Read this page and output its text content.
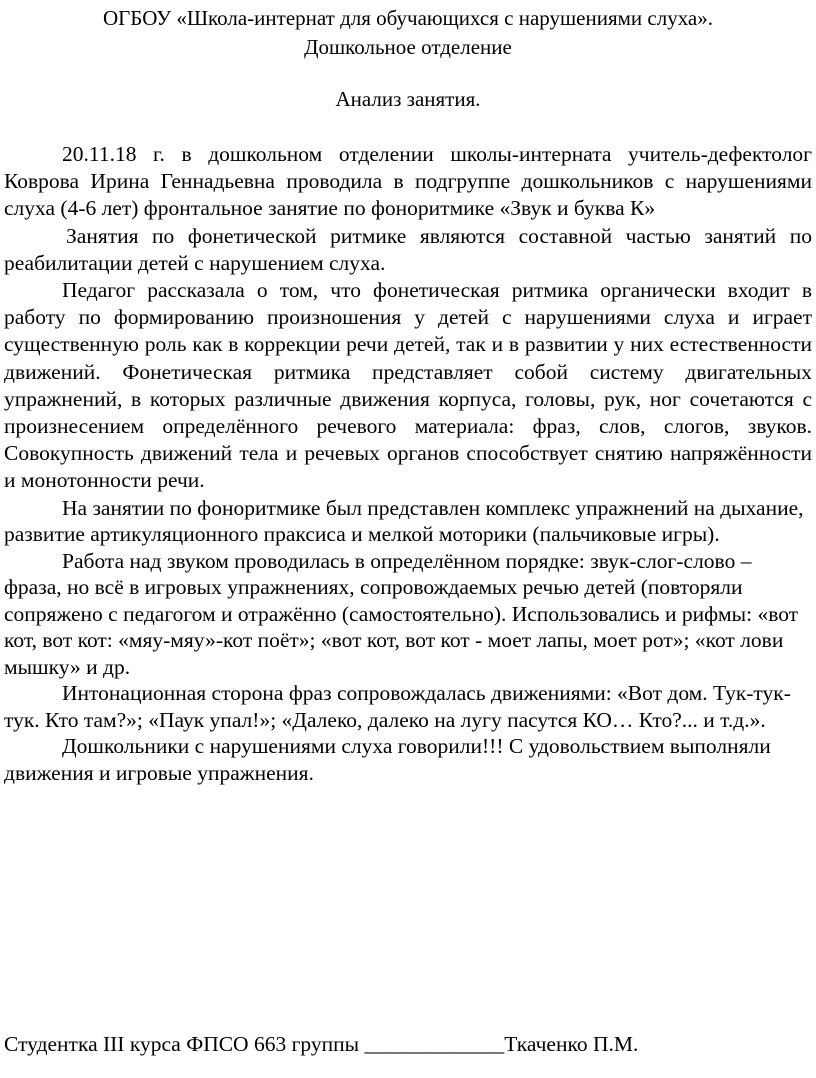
ОГБОУ «Школа-интернат для обучающихся с нарушениями слуха».
Дошкольное отделение
Анализ занятия.

20.11.18 г. в дошкольном отделении школы-интерната учитель-дефектолог Коврова Ирина Геннадьевна проводила в подгруппе дошкольников с нарушениями слуха (4-6 лет) фронтальное занятие по фоноритмике «Звук и буква К»

Занятия по фонетической ритмике являются составной частью занятий по реабилитации детей с нарушением слуха.

Педагог рассказала о том, что фонетическая ритмика органически входит в работу по формированию произношения у детей с нарушениями слуха и играет существенную роль как в коррекции речи детей, так и в развитии у них естественности движений. Фонетическая ритмика представляет собой систему двигательных упражнений, в которых различные движения корпуса, головы, рук, ног сочетаются с произнесением определённого речевого материала: фраз, слов, слогов, звуков. Совокупность движений тела и речевых органов способствует снятию напряжённости и монотонности речи.

На занятии по фоноритмике был представлен комплекс упражнений на дыхание, развитие артикуляционного праксиса и мелкой моторики (пальчиковые игры).

Работа над звуком проводилась в определённом порядке: звук-слог-слово – фраза, но всё в игровых упражнениях, сопровождаемых речью детей (повторяли сопряжено с педагогом и отражённо (самостоятельно). Использовались и рифмы: «вот кот, вот кот: «мяу-мяу»-кот поёт»; «вот кот, вот кот - моет лапы, моет рот»; «кот лови мышку» и др.

Интонационная сторона фраз сопровождалась движениями: «Вот дом. Тук-тук-тук. Кто там?»; «Паук упал!»; «Далеко, далеко на лугу пасутся КО… Кто?... и т.д.».

Дошкольники с нарушениями слуха говорили!!! С удовольствием выполняли движения и игровые упражнения.

Студентка III курса ФПСО 663 группы _____________Ткаченко П.М.
